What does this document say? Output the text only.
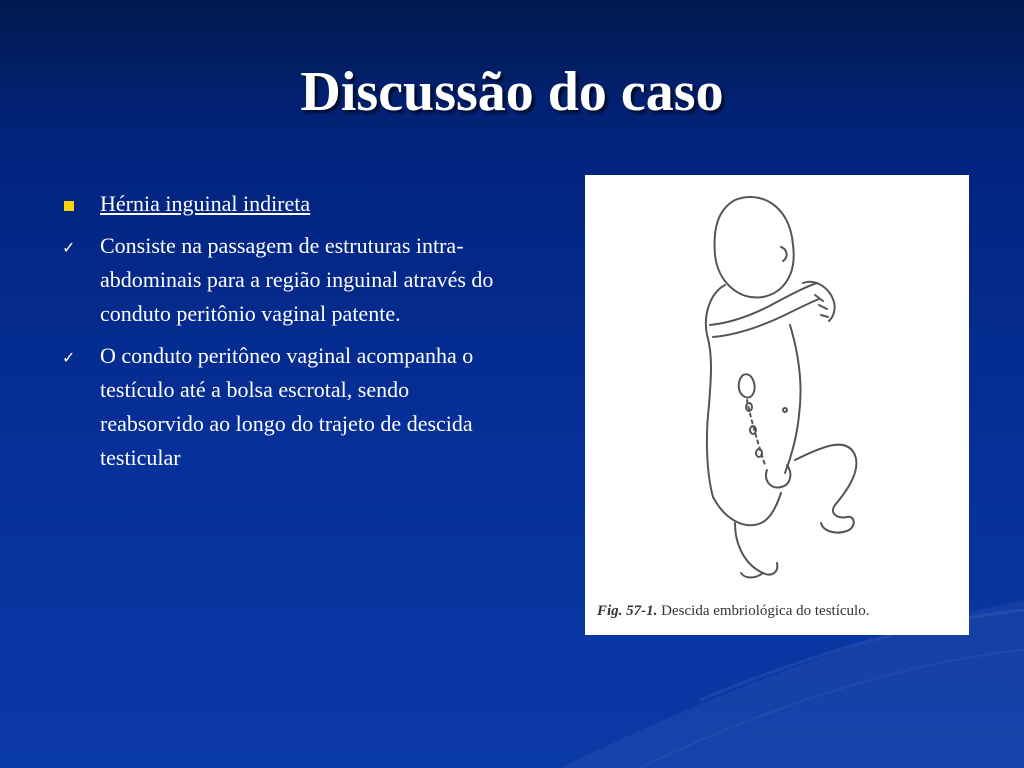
Discussão do caso
Hérnia inguinal indireta
✓	Consiste na passagem de estruturas intra- abdominais para a região inguinal através do conduto peritônio vaginal patente.
✓	O conduto peritôneo vaginal acompanha o testículo até a bolsa escrotal, sendo reabsorvido ao longo do trajeto de descida testicular
Fig. 57-1. Descida embriológica do testículo.
